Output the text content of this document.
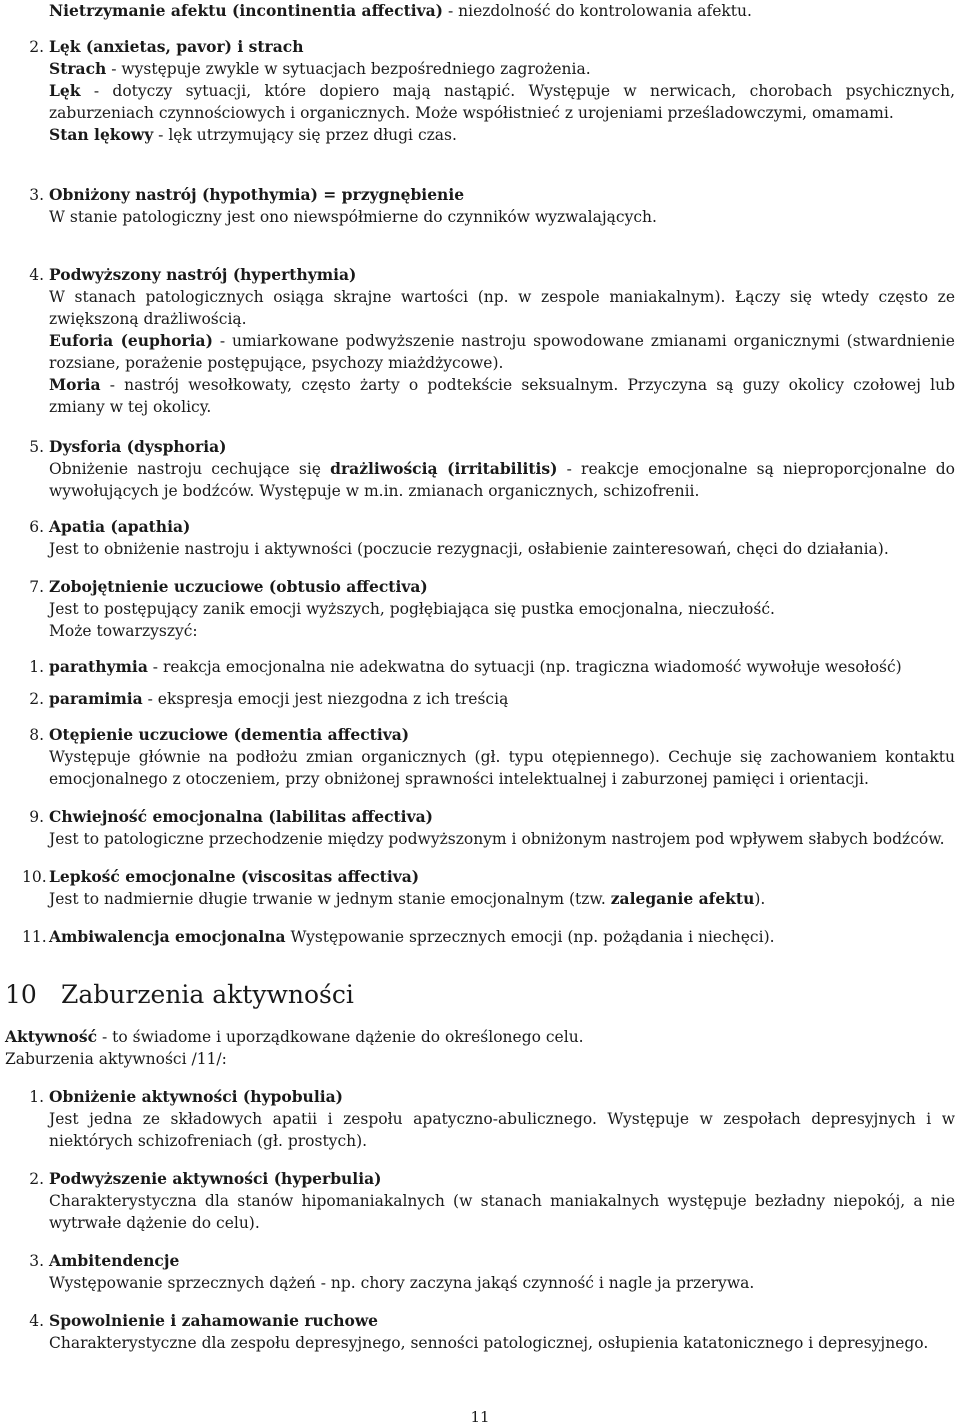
Nietrzymanie afektu (incontinentia affectiva) - niezdolność do kontrolowania afektu.
2. Lęk (anxietas, pavor) i strach
Strach - występuje zwykle w sytuacjach bezpośredniego zagrożenia.
Lęk - dotyczy sytuacji, które dopiero mają nastąpić. Występuje w nerwicach, chorobach psychicznych, zaburzeniach czynnościowych i organicznych. Może współistnieć z urojeniami prześladowczymi, omamami.
Stan lękowy - lęk utrzymujący się przez długi czas.
3. Obniżony nastrój (hypothymia) = przygnębienie
W stanie patologiczny jest ono niewspółmierne do czynników wyzwalających.
4. Podwyższony nastrój (hyperthymia)
W stanach patologicznych osiąga skrajne wartości (np. w zespole maniakalnym). Łączy się wtedy często ze zwiększoną drażliwością.
Euforia (euphoria) - umiarkowane podwyższenie nastroju spowodowane zmianami organicznymi (stwardnienie rozsiane, porażenie postępujące, psychozy miażdżycowe).
Moria - nastrój wesołkowaty, często żarty o podtekście seksualnym. Przyczyna są guzy okolicy czołowej lub zmiany w tej okolicy.
5. Dysforia (dysphoria)
Obniżenie nastroju cechujące się drażliwością (irritabilitis) - reakcje emocjonalne są nieproporcjonalne do wywołujących je bodźców. Występuje w m.in. zmianach organicznych, schizofrenii.
6. Apatia (apathia)
Jest to obniżenie nastroju i aktywności (poczucie rezygnacji, osłabienie zainteresowań, chęci do działania).
7. Zobojętnienie uczuciowe (obtusio affectiva)
Jest to postępujący zanik emocji wyższych, pogłębiająca się pustka emocjonalna, nieczułość.
Może towarzyszyć:
1. parathymia - reakcja emocjonalna nie adekwatna do sytuacji (np. tragiczna wiadomość wywołuje wesołość)
2. paramimia - ekspresja emocji jest niezgodna z ich treścią
8. Otępienie uczuciowe (dementia affectiva)
Występuje głównie na podłożu zmian organicznych (gł. typu otępiennego). Cechuje się zachowaniem kontaktu emocjonalnego z otoczeniem, przy obniżonej sprawności intelektualnej i zaburzonej pamięci i orientacji.
9. Chwiejność emocjonalna (labilitas affectiva)
Jest to patologiczne przechodzenie między podwyższonym i obniżonym nastrojem pod wpływem słabych bodźców.
10. Lepkość emocjonalne (viscositas affectiva)
Jest to nadmiernie długie trwanie w jednym stanie emocjonalnym (tzw. zaleganie afektu).
11. Ambiwalencja emocjonalna Występowanie sprzecznych emocji (np. pożądania i niechęci).
10 Zaburzenia aktywności
Aktywność - to świadome i uporządkowane dążenie do określonego celu.
Zaburzenia aktywności /11/:
1. Obniżenie aktywności (hypobulia)
Jest jedna ze składowych apatii i zespołu apatyczno-abulicznego. Występuje w zespołach depresyjnych i w niektórych schizofreniach (gł. prostych).
2. Podwyższenie aktywności (hyperbulia)
Charakterystyczna dla stanów hipomaniakalnych (w stanach maniakalnych występuje bezładny niepokój, a nie wytrwałe dążenie do celu).
3. Ambitendencje
Występowanie sprzecznych dążeń - np. chory zaczyna jakąś czynność i nagle ja przerywa.
4. Spowolnienie i zahamowanie ruchowe
Charakterystyczne dla zespołu depresyjnego, senności patologicznej, osłupienia katatonicznego i depresyjnego.
11
